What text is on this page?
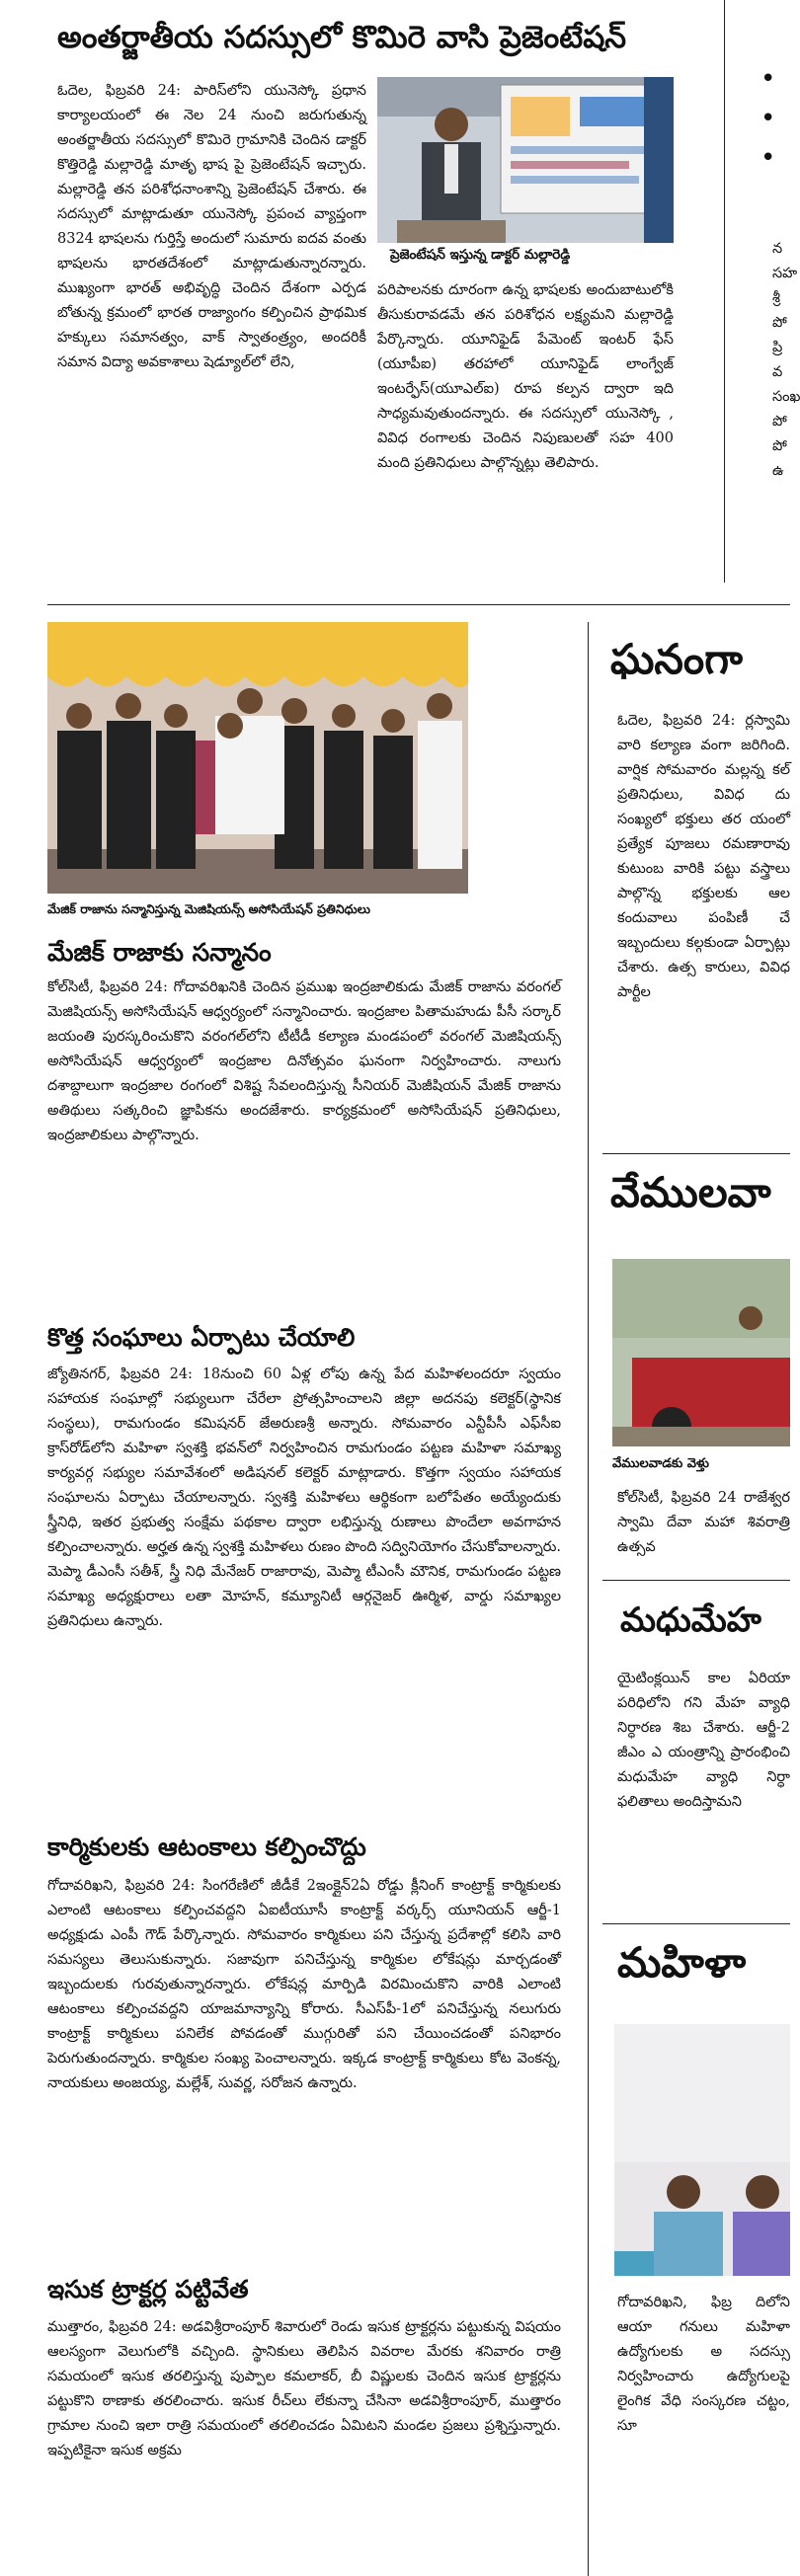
అంతర్జాతీయ సదస్సులో కొమిరె వాసి ప్రెజెంటేషన్
ప్రెజెంటేషన్ ఇస్తున్న డాక్టర్ మల్లారెడ్డి
ఓదెల, ఫిబ్రవరి 24: పారిస్‌లోని యునెస్కో ప్రధాన కార్యాలయంలో ఈ నెల 24 నుంచి జరుగుతున్న అంతర్జాతీయ సదస్సులో కొమిరె గ్రామానికి చెందిన డాక్టర్ కొత్తిరెడ్డి మల్లారెడ్డి మాతృ భాష పై ప్రెజెంటేషన్ ఇచ్చారు. మల్లారెడ్డి తన పరిశోధనాంశాన్ని ప్రెజెంటేషన్ చేశారు. ఈ సదస్సులో మాట్లాడుతూ యునెస్కో ప్రపంచ వ్యాప్తంగా 8324 భాషలను గుర్తిస్తే అందులో సుమారు ఐదవ వంతు భాషలను భారతదేశంలో మాట్లాడుతున్నారన్నారు. ముఖ్యంగా భారత్ అభివృద్ధి చెందిన దేశంగా ఎర్పడ బోతున్న క్రమంలో భారత రాజ్యాంగం కల్పించిన ప్రాథమిక హక్కులు సమానత్వం, వాక్ స్వాతంత్ర్యం, అందరికీ సమాన విద్యా అవకాశాలు షెడ్యూల్‌లో లేని,
పరిపాలనకు దూరంగా ఉన్న భాషలకు అందుబాటులోకి తీసుకురావడమే తన పరిశోధన లక్ష్యమని మల్లారెడ్డి పేర్కొన్నారు. యూనిఫైడ్ పేమెంట్ ఇంటర్ ఫేస్ (యూపీఐ) తరహాలో యూనిఫైడ్ లాంగ్వేజ్ ఇంటర్ఫేస్(యూఎల్ఐ) రూప కల్పన ద్వారా ఇది సాధ్యమవుతుందన్నారు. ఈ సదస్సులో యునెస్కో , వివిధ రంగాలకు చెందిన నిపుణులతో సహ 400 మంది ప్రతినిధులు పాల్గొన్నట్లు తెలిపారు.
•
•
•
న సహ శ్రీ పో ప్రి వ సంఖ పో పో ఉ
మేజిక్ రాజాను సన్మానిస్తున్న మెజిషియన్స్ అసోసియేషన్ ప్రతినిధులు
మేజిక్ రాజాకు సన్మానం
కోల్‌సిటీ, ఫిబ్రవరి 24: గోదావరిఖనికి చెందిన ప్రముఖ ఇంద్రజాలికుడు మేజిక్ రాజాను వరంగల్ మెజిషియన్స్ అసోసియేషన్ ఆధ్వర్యంలో సన్మానించారు. ఇంద్రజాల పితామహుడు పీసీ సర్కార్ జయంతి పురస్కరించుకొని వరంగల్‌లోని టీటీడీ కల్యాణ మండపంలో వరంగల్ మెజిషియన్స్ అసోసియేషన్ ఆధ్వర్యంలో ఇంద్రజాల దినోత్సవం ఘనంగా నిర్వహించారు. నాలుగు దశాబ్దాలుగా ఇంద్రజాల రంగంలో విశిష్ట సేవలందిస్తున్న సీనియర్ మెజీషియన్ మేజిక్ రాజాను అతిథులు సత్కరించి జ్ఞాపికను అందజేశారు. కార్యక్రమంలో అసోసియేషన్ ప్రతినిధులు, ఇంద్రజాలికులు పాల్గొన్నారు.
కొత్త సంఘాలు ఏర్పాటు చేయాలి
జ్యోతినగర్, ఫిబ్రవరి 24: 18నుంచి 60 ఏళ్ల లోపు ఉన్న పేద మహిళలందరూ స్వయం సహాయక సంఘాల్లో సభ్యులుగా చేరేలా ప్రోత్సహించాలని జిల్లా అదనపు కలెక్టర్(స్థానిక సంస్థలు), రామగుండం కమిషనర్ జేఅరుణశ్రీ అన్నారు. సోమవారం ఎన్టీపీసీ ఎఫ్‌సీఐ క్రాస్‌రోడ్‌లోని మహిళా స్వశక్తి భవన్‌లో నిర్వహించిన రామగుండం పట్టణ మహిళా సమాఖ్య కార్యవర్గ సభ్యుల సమావేశంలో అడిషనల్ కలెక్టర్ మాట్లాడారు. కొత్తగా స్వయం సహాయక సంఘాలను ఏర్పాటు చేయాలన్నారు. స్వశక్తి మహిళలు ఆర్థికంగా బలోపేతం అయ్యేందుకు స్త్రీనిధి, ఇతర ప్రభుత్వ సంక్షేమ పథకాల ద్వారా లభిస్తున్న రుణాలు పొందేలా అవగాహన కల్పించాలన్నారు. అర్హత ఉన్న స్వశక్తి మహిళలు రుణం పొంది సద్వినియోగం చేసుకోవాలన్నారు. మెప్మా డీఎంసీ సతీశ్, స్త్రీ నిధి మేనేజర్ రాజారావు, మెప్మా టీఎంసీ మౌనిక, రామగుండం పట్టణ సమాఖ్య అధ్యక్షురాలు లతా మోహన్, కమ్యూనిటీ ఆర్గనైజర్ ఊర్మిళ, వార్డు సమాఖ్యల ప్రతినిధులు ఉన్నారు.
కార్మికులకు ఆటంకాలు కల్పించొద్దు
గోదావరిఖని, ఫిబ్రవరి 24: సింగరేణిలో జీడీకే 2ఇంక్లైన్‌2ఏ రోడ్డు క్లీనింగ్ కాంట్రాక్ట్ కార్మికులకు ఎలాంటి ఆటంకాలు కల్పించవద్దని ఏఐటీయూసీ కాంట్రాక్ట్ వర్కర్స్ యూనియన్ ఆర్జీ-1 అధ్యక్షుడు ఎంపీ గౌడ్ పేర్కొన్నారు. సోమవారం కార్మికులు పని చేస్తున్న ప్రదేశాల్లో కలిసి వారి సమస్యలు తెలుసుకున్నారు. సజావుగా పనిచేస్తున్న కార్మికుల లోకేషన్లు మార్చడంతో ఇబ్బందులకు గురవుతున్నారన్నారు. లోకేషన్ల మార్పిడి విరమించుకొని వారికి ఎలాంటి ఆటంకాలు కల్పించవద్దని యాజమాన్యాన్ని కోరారు. సీఎస్‌పీ-1లో పనిచేస్తున్న నలుగురు కాంట్రాక్ట్ కార్మికులు పనిలేక పోవడంతో ముగ్గురితో పని చేయించడంతో పనిభారం పెరుగుతుందన్నారు. కార్మికుల సంఖ్య పెంచాలన్నారు. ఇక్కడ కాంట్రాక్ట్ కార్మికులు కోట వెంకన్న, నాయకులు అంజయ్య, మల్లేశ్, సువర్ణ, సరోజన ఉన్నారు.
ఇసుక ట్రాక్టర్ల పట్టివేత
ముత్తారం, ఫిబ్రవరి 24: అడవిశ్రీరాంపూర్ శివారులో రెండు ఇసుక ట్రాక్టర్లను పట్టుకున్న విషయం ఆలస్యంగా వెలుగులోకి వచ్చింది. స్థానికులు తెలిపిన వివరాల మేరకు శనివారం రాత్రి సమయంలో ఇసుక తరలిస్తున్న పుప్పాల కమలాకర్, బీ విష్ణులకు చెందిన ఇసుక ట్రాక్టర్లను పట్టుకొని ఠాణాకు తరలించారు. ఇసుక రీచ్‌లు లేకున్నా చేసినా అడవిశ్రీరాంపూర్, ముత్తారం గ్రామాల నుంచి ఇలా రాత్రి సమయంలో తరలించడం ఏమిటని మండల ప్రజలు ప్రశ్నిస్తున్నారు. ఇప్పటికైనా ఇసుక అక్రమ
ఘనంగా
ఓదెల, ఫిబ్రవరి 24: ర్లస్వామి వారి కల్యాణ వంగా జరిగింది. వార్షిక సోమవారం మల్లన్న కల్ ప్రతినిధులు, వివిధ దు సంఖ్యలో భక్తులు తర యంలో ప్రత్యేక పూజలు రమణారావు కుటుంబ వారికి పట్టు వస్త్రాలు పాల్గొన్న భక్తులకు ఆల కందువాలు పంపిణీ చే ఇబ్బందులు కల్గకుండా ఏర్పాట్లు చేశారు. ఉత్స కారులు, వివిధ పార్టీల
వేములవా
వేములవాడకు వెళ్తు
కోల్‌సిటీ, ఫిబ్రవరి 24 రాజేశ్వర స్వామి దేవా మహా శివరాత్రి ఉత్సవ
మధుమేహ
యైటింక్లయిన్ కాల ఏరియా పరిధిలోని గని మేహ వ్యాధి నిర్ధారణ శిబ చేశారు. ఆర్జీ-2 జీఎం ఎ యంత్రాన్ని ప్రారంభించి మధుమేహ వ్యాధి నిర్ధా ఫలితాలు అందిస్తామని
మహిళా
గోదావరిఖని, ఫిబ్ర దిలోని ఆయా గనులు మహిళా ఉద్యోగులకు అ సదస్సు నిర్వహించారు ఉద్యోగులపై లైంగిక వేధి సంస్కరణ చట్టం, సూ
